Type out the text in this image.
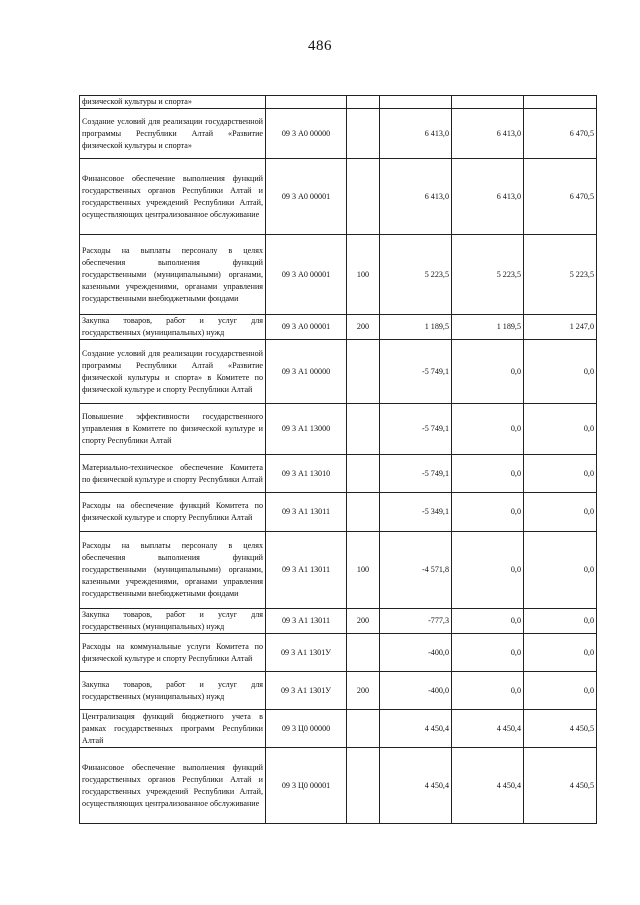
486
физической культуры и спорта»					
Создание условий для реализации государственной программы Республики Алтай «Развитие физической культуры и спорта»	09 3 А0 00000		6 413,0	6 413,0	6 470,5
Финансовое обеспечение выполнения функций государственных органов Республики Алтай и государственных учреждений Республики Алтай, осуществляющих централизованное обслуживание	09 3 А0 00001		6 413,0	6 413,0	6 470,5
Расходы на выплаты персоналу в целях обеспечения выполнения функций государственными (муниципальными) органами, казенными учреждениями, органами управления государственными внебюджетными фондами	09 3 А0 00001	100	5 223,5	5 223,5	5 223,5
Закупка товаров, работ и услуг для государственных (муниципальных) нужд	09 3 А0 00001	200	1 189,5	1 189,5	1 247,0
Создание условий для реализации государственной программы Республики Алтай «Развитие физической культуры и спорта» в Комитете по физической культуре и спорту Республики Алтай	09 3 А1 00000		-5 749,1	0,0	0,0
Повышение эффективности государственного управления в Комитете по физической культуре и спорту Республики Алтай	09 3 А1 13000		-5 749,1	0,0	0,0
Материально-техническое обеспечение Комитета по физической культуре и спорту Республики Алтай	09 3 А1 13010		-5 749,1	0,0	0,0
Расходы на обеспечение функций Комитета по физической культуре и спорту Республики Алтай	09 3 А1 13011		-5 349,1	0,0	0,0
Расходы на выплаты персоналу в целях обеспечения выполнения функций государственными (муниципальными) органами, казенными учреждениями, органами управления государственными внебюджетными фондами	09 3 А1 13011	100	-4 571,8	0,0	0,0
Закупка товаров, работ и услуг для государственных (муниципальных) нужд	09 3 А1 13011	200	-777,3	0,0	0,0
Расходы на коммунальные услуги Комитета по физической культуре и спорту Республики Алтай	09 3 А1 1301У		-400,0	0,0	0,0
Закупка товаров, работ и услуг для государственных (муниципальных) нужд	09 3 А1 1301У	200	-400,0	0,0	0,0
Централизация функций бюджетного учета в рамках государственных программ Республики Алтай	09 3 Ц0 00000		4 450,4	4 450,4	4 450,5
Финансовое обеспечение выполнения функций государственных органов Республики Алтай и государственных учреждений Республики Алтай, осуществляющих централизованное обслуживание	09 3 Ц0 00001		4 450,4	4 450,4	4 450,5
